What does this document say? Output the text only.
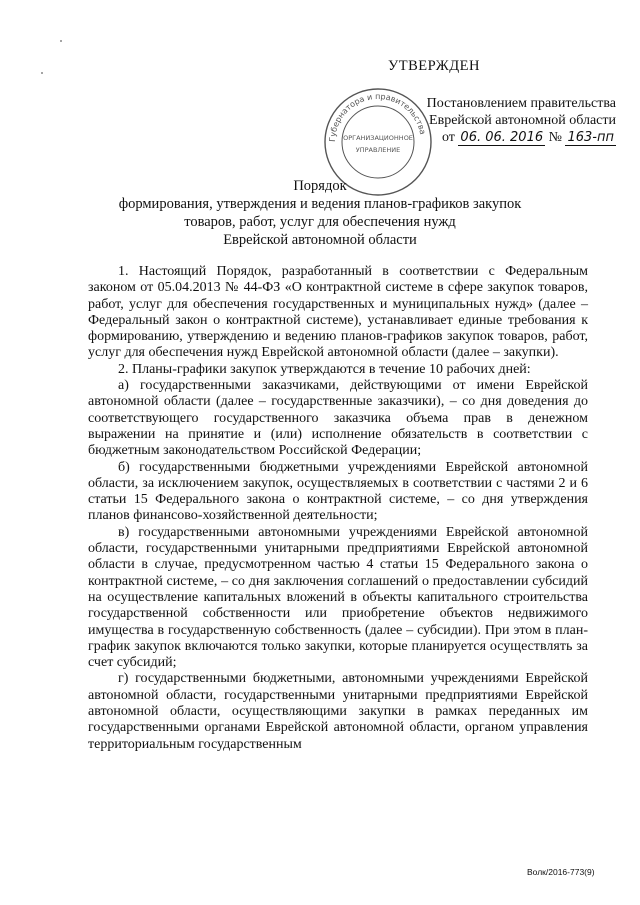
УТВЕРЖДЕН
Губернатора и правительства
ОРГАНИЗАЦИОННОЕ
УПРАВЛЕНИЕ
Постановлением правительства
Еврейской автономной области
от 06. 06. 2016 № 163-пп
Порядок
формирования, утверждения и ведения планов-графиков закупок
товаров, работ, услуг для обеспечения нужд
Еврейской автономной области

1. Настоящий Порядок, разработанный в соответствии с Федеральным законом от 05.04.2013 № 44-ФЗ «О контрактной системе в сфере закупок товаров, работ, услуг для обеспечения государственных и муниципальных нужд» (далее – Федеральный закон о контрактной системе), устанавливает единые требования к формированию, утверждению и ведению планов-графиков закупок товаров, работ, услуг для обеспечения нужд Еврейской автономной области (далее – закупки).

2. Планы-графики закупок утверждаются в течение 10 рабочих дней:

а) государственными заказчиками, действующими от имени Еврейской автономной области (далее – государственные заказчики), – со дня доведения до соответствующего государственного заказчика объема прав в денежном выражении на принятие и (или) исполнение обязательств в соответствии с бюджетным законодательством Российской Федерации;

б) государственными бюджетными учреждениями Еврейской автономной области, за исключением закупок, осуществляемых в соответствии с частями 2 и 6 статьи 15 Федерального закона о контрактной системе, – со дня утверждения планов финансово-хозяйственной деятельности;

в) государственными автономными учреждениями Еврейской автономной области, государственными унитарными предприятиями Еврейской автономной области в случае, предусмотренном частью 4 статьи 15 Федерального закона о контрактной системе, – со дня заключения соглашений о предоставлении субсидий на осуществление капитальных вложений в объекты капитального строительства государственной собственности или приобретение объектов недвижимого имущества в государственную собственность (далее – субсидии). При этом в план-график закупок включаются только закупки, которые планируется осуществлять за счет субсидий;

г) государственными бюджетными, автономными учреждениями Еврейской автономной области, государственными унитарными предприятиями Еврейской автономной области, осуществляющими закупки в рамках переданных им государственными органами Еврейской автономной области, органом управления территориальным государственным

Волк/2016-773(9)
